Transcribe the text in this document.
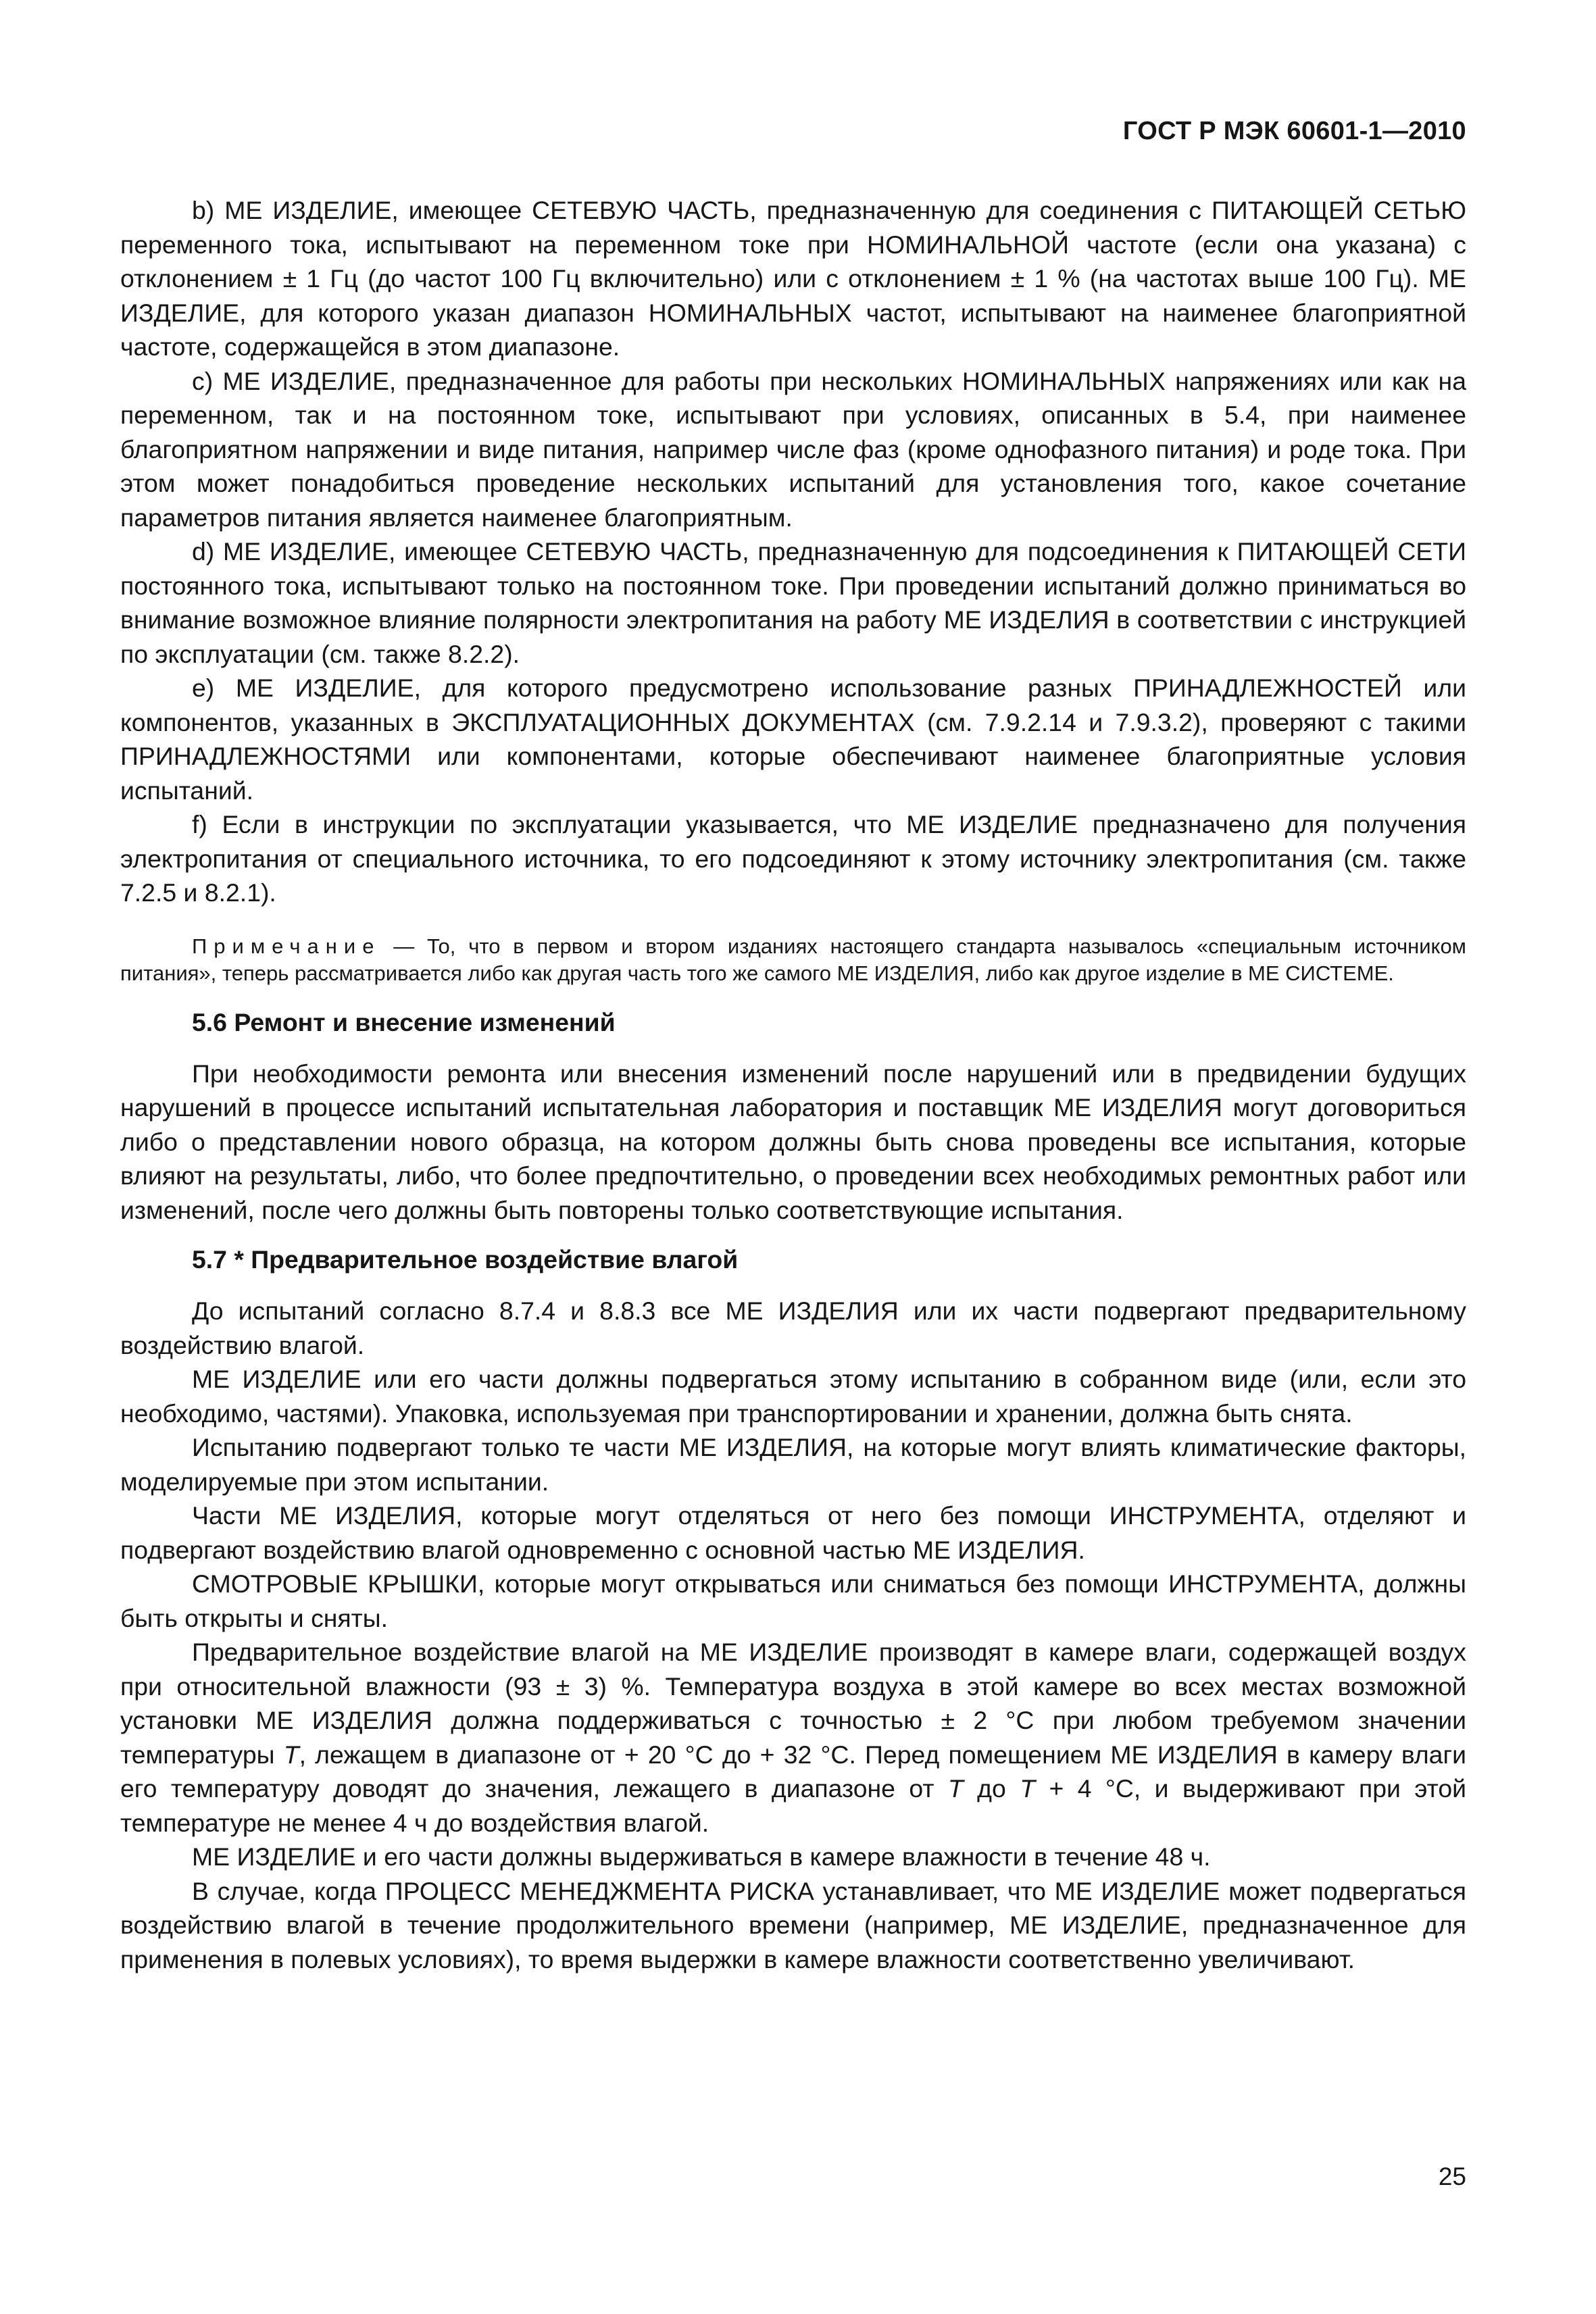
ГОСТ Р МЭК 60601-1—2010

b) ME ИЗДЕЛИЕ, имеющее СЕТЕВУЮ ЧАСТЬ, предназначенную для соединения с ПИТАЮЩЕЙ СЕТЬЮ переменного тока, испытывают на переменном токе при НОМИНАЛЬНОЙ частоте (если она указана) с отклонением ± 1 Гц (до частот 100 Гц включительно) или с отклонением ± 1 % (на частотах выше 100 Гц). ME ИЗДЕЛИЕ, для которого указан диапазон НОМИНАЛЬНЫХ частот, испытывают на наименее благоприятной частоте, содержащейся в этом диапазоне.

c) ME ИЗДЕЛИЕ, предназначенное для работы при нескольких НОМИНАЛЬНЫХ напряжениях или как на переменном, так и на постоянном токе, испытывают при условиях, описанных в 5.4, при наименее благоприятном напряжении и виде питания, например числе фаз (кроме однофазного питания) и роде тока. При этом может понадобиться проведение нескольких испытаний для установления того, какое сочетание параметров питания является наименее благоприятным.

d) ME ИЗДЕЛИЕ, имеющее СЕТЕВУЮ ЧАСТЬ, предназначенную для подсоединения к ПИТАЮЩЕЙ СЕТИ постоянного тока, испытывают только на постоянном токе. При проведении испытаний должно приниматься во внимание возможное влияние полярности электропитания на работу ME ИЗДЕЛИЯ в соответствии с инструкцией по эксплуатации (см. также 8.2.2).

e) ME ИЗДЕЛИЕ, для которого предусмотрено использование разных ПРИНАДЛЕЖНОСТЕЙ или компонентов, указанных в ЭКСПЛУАТАЦИОННЫХ ДОКУМЕНТАХ (см. 7.9.2.14 и 7.9.3.2), проверяют с такими ПРИНАДЛЕЖНОСТЯМИ или компонентами, которые обеспечивают наименее благоприятные условия испытаний.

f) Если в инструкции по эксплуатации указывается, что ME ИЗДЕЛИЕ предназначено для получения электропитания от специального источника, то его подсоединяют к этому источнику электропитания (см. также 7.2.5 и 8.2.1).

Примечание — То, что в первом и втором изданиях настоящего стандарта называлось «специальным источником питания», теперь рассматривается либо как другая часть того же самого ME ИЗДЕЛИЯ, либо как другое изделие в ME СИСТЕМЕ.

5.6 Ремонт и внесение изменений

При необходимости ремонта или внесения изменений после нарушений или в предвидении будущих нарушений в процессе испытаний испытательная лаборатория и поставщик ME ИЗДЕЛИЯ могут договориться либо о представлении нового образца, на котором должны быть снова проведены все испытания, которые влияют на результаты, либо, что более предпочтительно, о проведении всех необходимых ремонтных работ или изменений, после чего должны быть повторены только соответствующие испытания.

5.7 * Предварительное воздействие влагой

До испытаний согласно 8.7.4 и 8.8.3 все ME ИЗДЕЛИЯ или их части подвергают предварительному воздействию влагой.

ME ИЗДЕЛИЕ или его части должны подвергаться этому испытанию в собранном виде (или, если это необходимо, частями). Упаковка, используемая при транспортировании и хранении, должна быть снята.

Испытанию подвергают только те части ME ИЗДЕЛИЯ, на которые могут влиять климатические факторы, моделируемые при этом испытании.

Части ME ИЗДЕЛИЯ, которые могут отделяться от него без помощи ИНСТРУМЕНТА, отделяют и подвергают воздействию влагой одновременно с основной частью ME ИЗДЕЛИЯ.

СМОТРОВЫЕ КРЫШКИ, которые могут открываться или сниматься без помощи ИНСТРУМЕНТА, должны быть открыты и сняты.

Предварительное воздействие влагой на ME ИЗДЕЛИЕ производят в камере влаги, содержащей воздух при относительной влажности (93 ± 3) %. Температура воздуха в этой камере во всех местах возможной установки ME ИЗДЕЛИЯ должна поддерживаться с точностью ± 2 °C при любом требуемом значении температуры T, лежащем в диапазоне от + 20 °C до + 32 °C. Перед помещением ME ИЗДЕЛИЯ в камеру влаги его температуру доводят до значения, лежащего в диапазоне от T до T + 4 °C, и выдерживают при этой температуре не менее 4 ч до воздействия влагой.

ME ИЗДЕЛИЕ и его части должны выдерживаться в камере влажности в течение 48 ч.

В случае, когда ПРОЦЕСС МЕНЕДЖМЕНТА РИСКА устанавливает, что ME ИЗДЕЛИЕ может подвергаться воздействию влагой в течение продолжительного времени (например, ME ИЗДЕЛИЕ, предназначенное для применения в полевых условиях), то время выдержки в камере влажности соответственно увеличивают.

25
